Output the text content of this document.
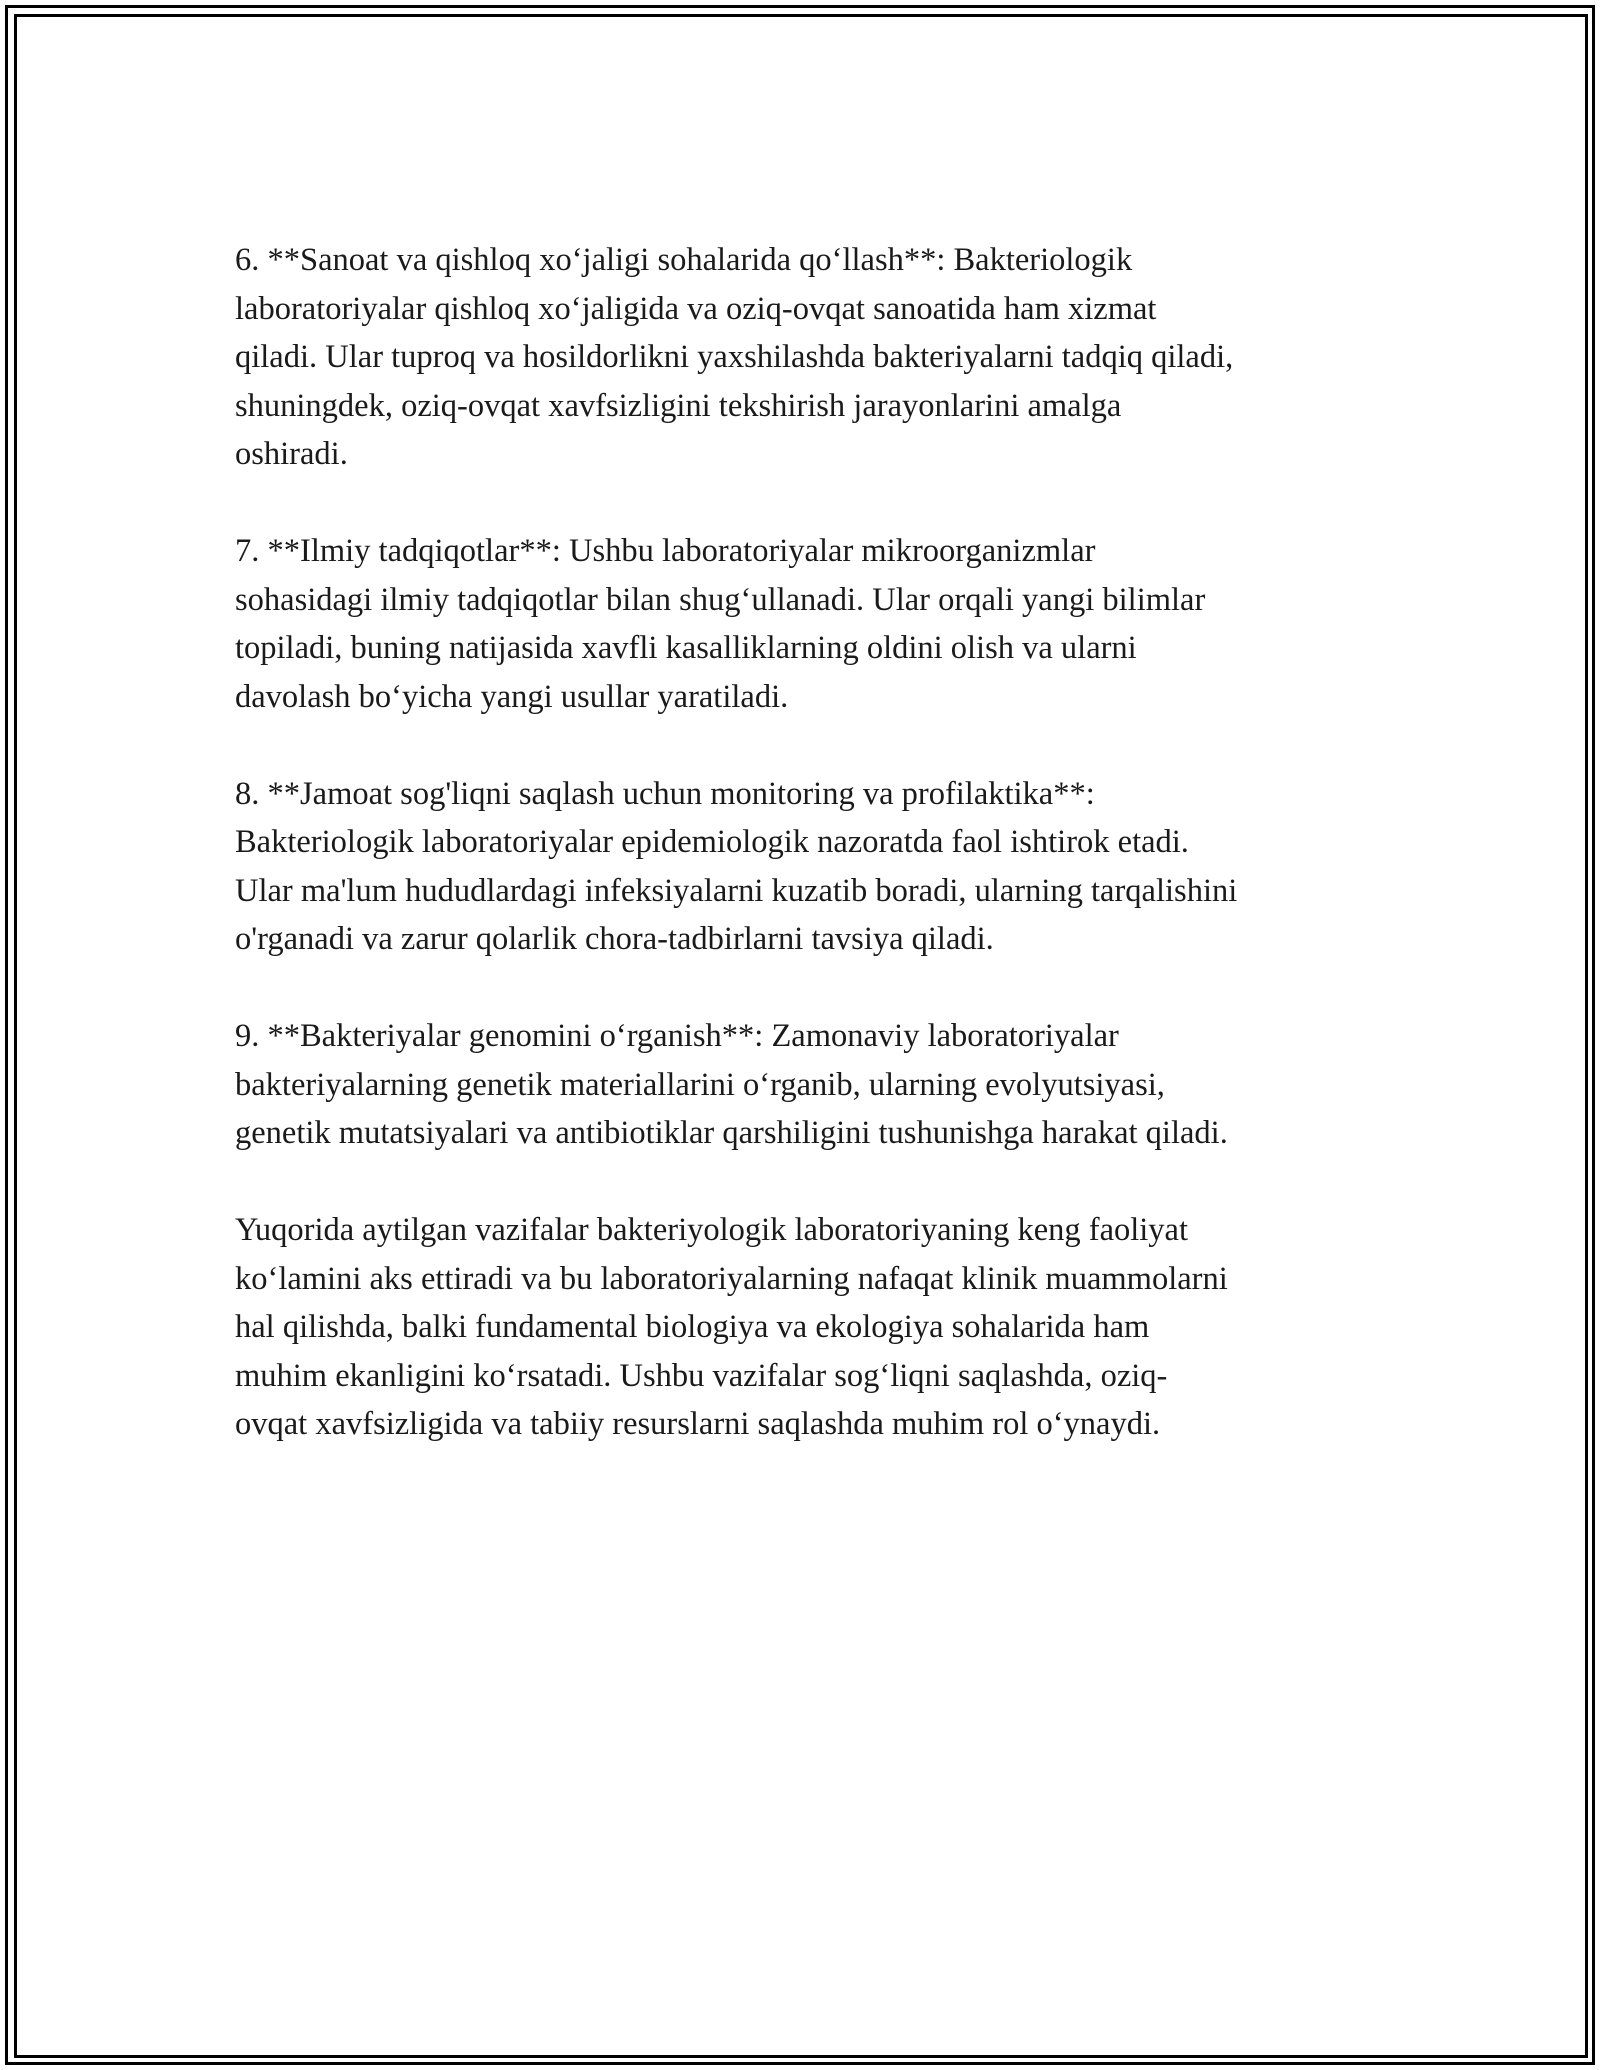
6. **Sanoat va qishloq xo‘jaligi sohalarida qo‘llash**: Bakteriologik
laboratoriyalar qishloq xo‘jaligida va oziq-ovqat sanoatida ham xizmat
qiladi. Ular tuproq va hosildorlikni yaxshilashda bakteriyalarni tadqiq qiladi,
shuningdek, oziq-ovqat xavfsizligini tekshirish jarayonlarini amalga
oshiradi.
7. **Ilmiy tadqiqotlar**: Ushbu laboratoriyalar mikroorganizmlar
sohasidagi ilmiy tadqiqotlar bilan shug‘ullanadi. Ular orqali yangi bilimlar
topiladi, buning natijasida xavfli kasalliklarning oldini olish va ularni
davolash bo‘yicha yangi usullar yaratiladi.
8. **Jamoat sog'liqni saqlash uchun monitoring va profilaktika**:
Bakteriologik laboratoriyalar epidemiologik nazoratda faol ishtirok etadi.
Ular ma'lum hududlardagi infeksiyalarni kuzatib boradi, ularning tarqalishini
o'rganadi va zarur qolarlik chora-tadbirlarni tavsiya qiladi.
9. **Bakteriyalar genomini o‘rganish**: Zamonaviy laboratoriyalar
bakteriyalarning genetik materiallarini o‘rganib, ularning evolyutsiyasi,
genetik mutatsiyalari va antibiotiklar qarshiligini tushunishga harakat qiladi.
Yuqorida aytilgan vazifalar bakteriyologik laboratoriyaning keng faoliyat
ko‘lamini aks ettiradi va bu laboratoriyalarning nafaqat klinik muammolarni
hal qilishda, balki fundamental biologiya va ekologiya sohalarida ham
muhim ekanligini ko‘rsatadi. Ushbu vazifalar sog‘liqni saqlashda, oziq-
ovqat xavfsizligida va tabiiy resurslarni saqlashda muhim rol o‘ynaydi.
